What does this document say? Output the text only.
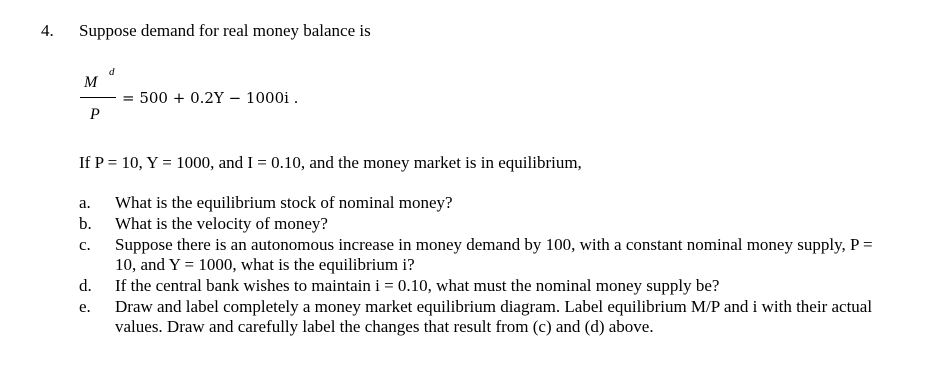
4. Suppose demand for real money balance is
M
d
P
= 500 + 0.2Y − 1000i .
If P = 10, Y = 1000, and I = 0.10, and the money market is in equilibrium,
a.	What is the equilibrium stock of nominal money?
b.	What is the velocity of money?
c.	Suppose there is an autonomous increase in money demand by 100, with a constant nominal money supply, P = 10, and Y = 1000, what is the equilibrium i?
d.	If the central bank wishes to maintain i = 0.10, what must the nominal money supply be?
e.	Draw and label completely a money market equilibrium diagram. Label equilibrium M/P and i with their actual values. Draw and carefully label the changes that result from (c) and (d) above.
